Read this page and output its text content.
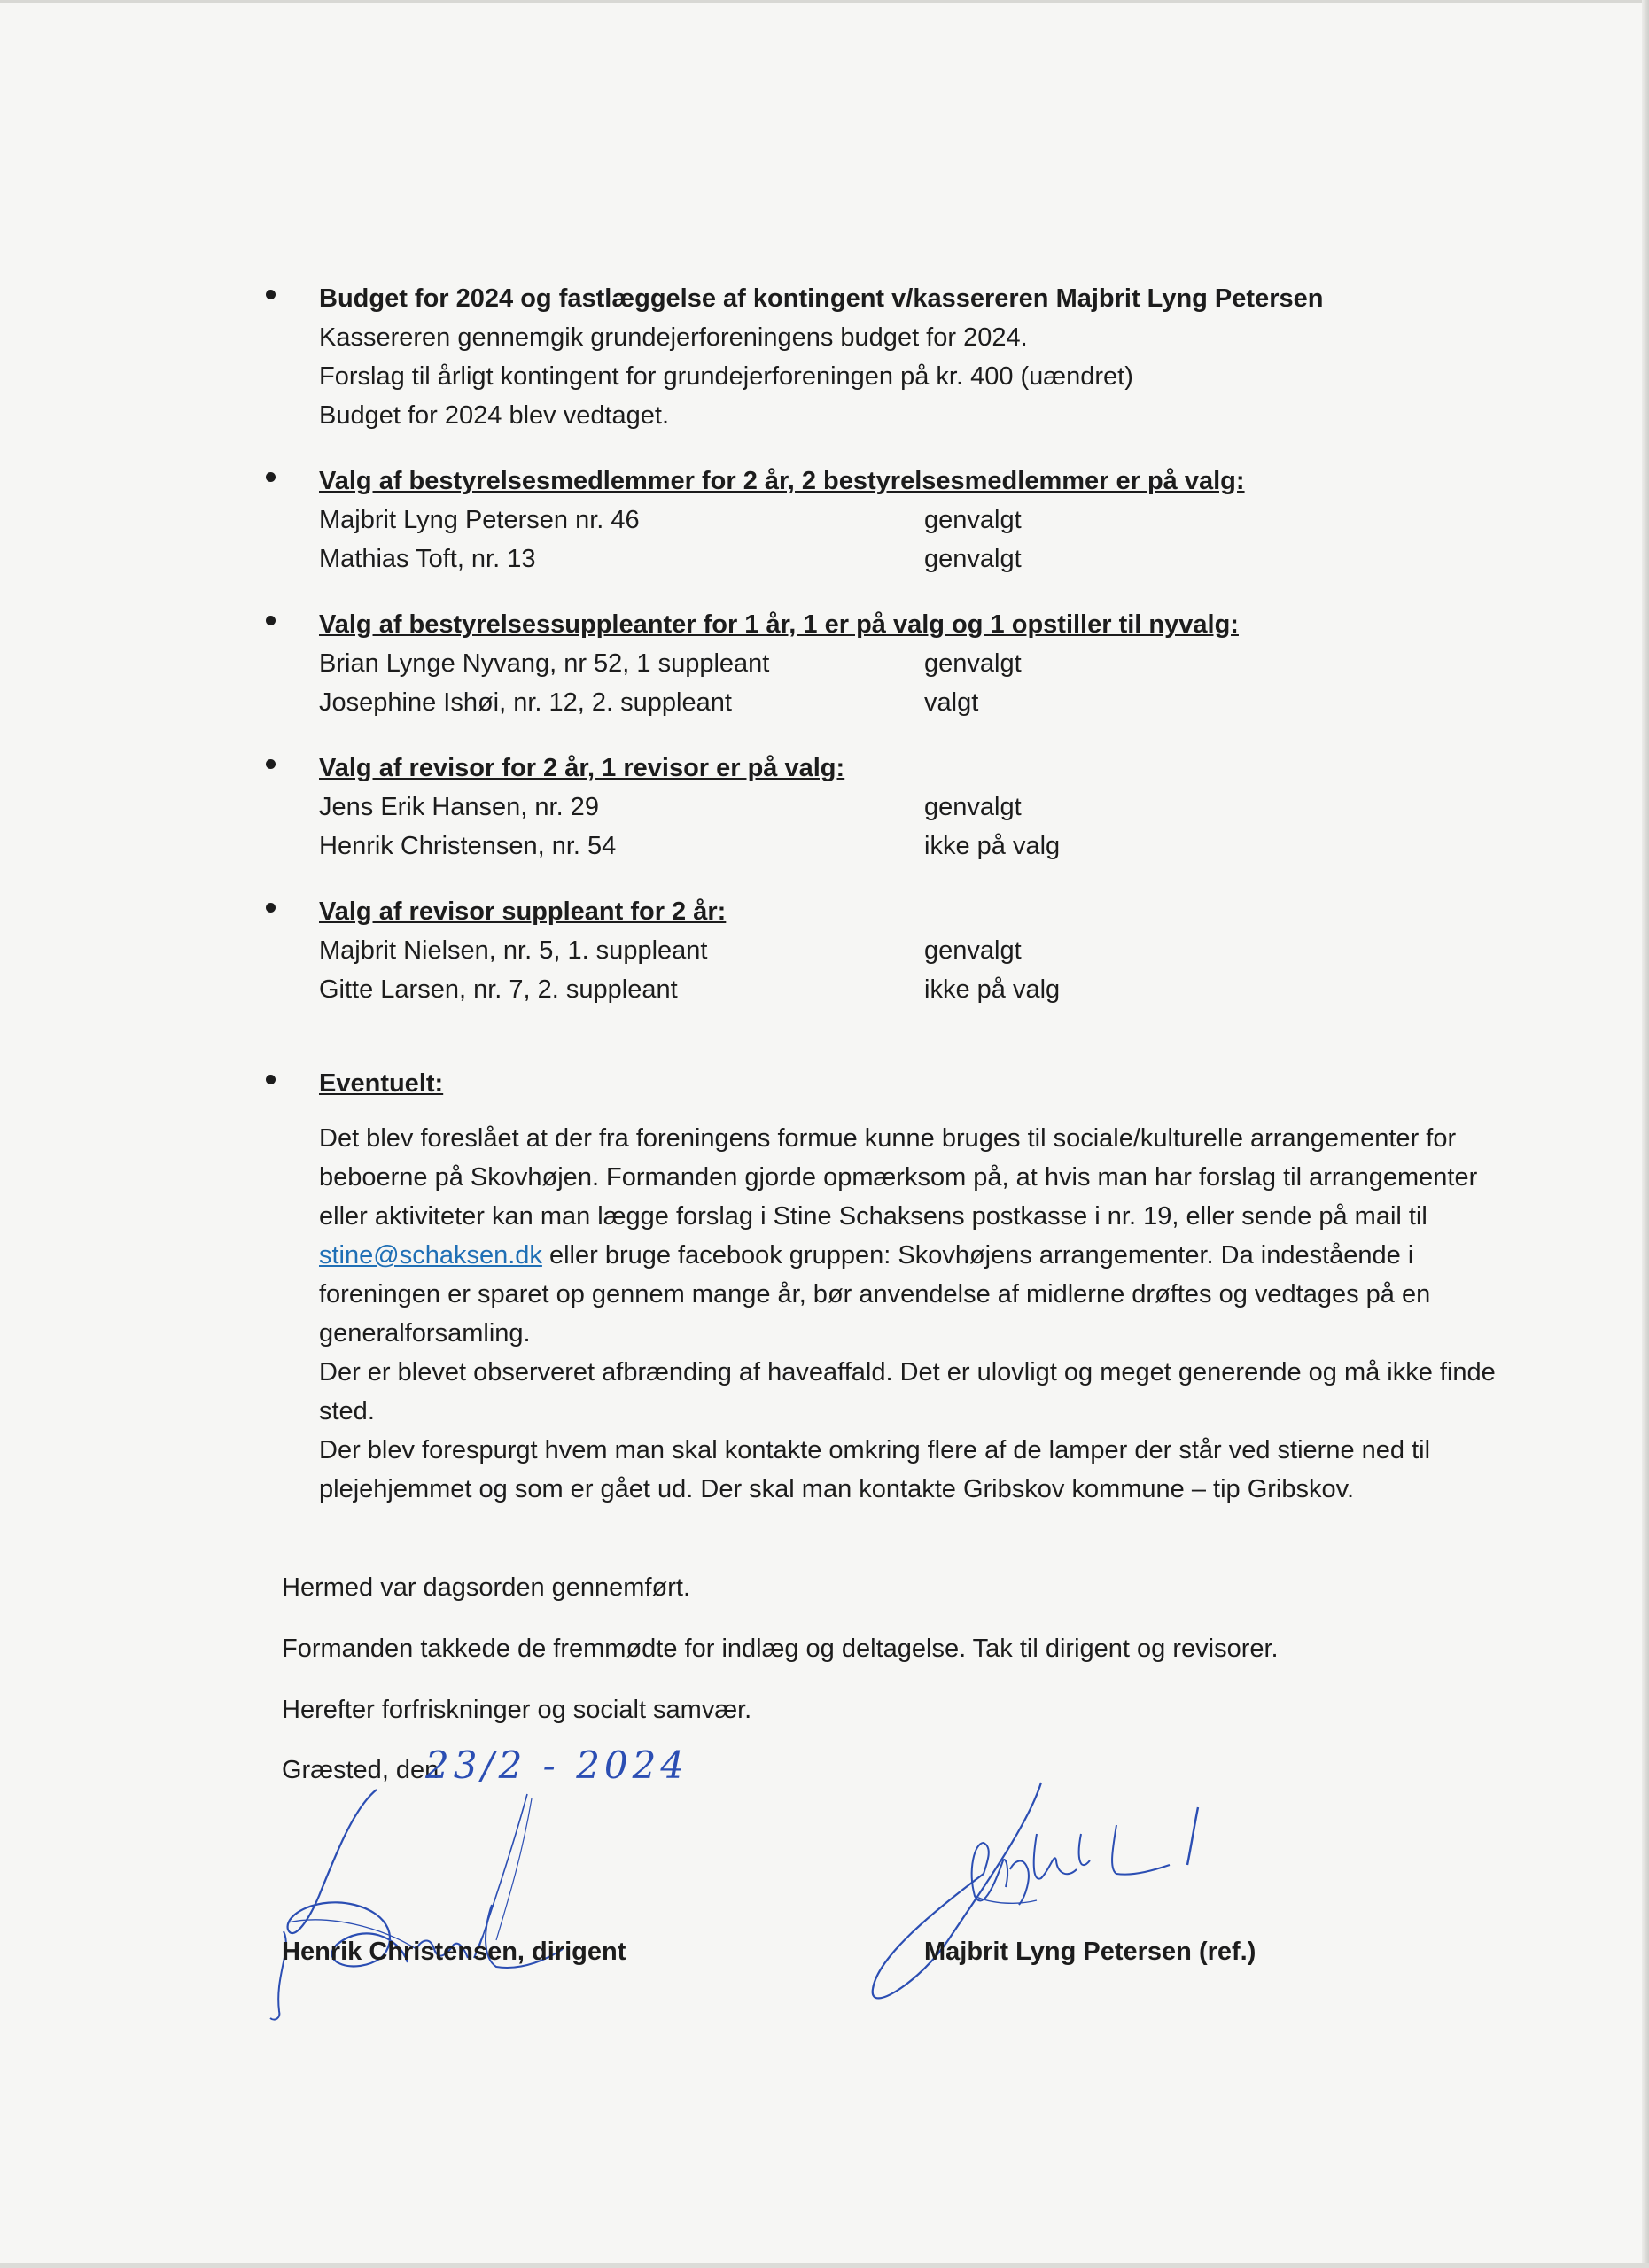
Budget for 2024 og fastlæggelse af kontingent v/kassereren Majbrit Lyng Petersen
Kassereren gennemgik grundejerforeningens budget for 2024.
Forslag til årligt kontingent for grundejerforeningen på kr. 400 (uændret)
Budget for 2024 blev vedtaget.
Valg af bestyrelsesmedlemmer for 2 år, 2 bestyrelsesmedlemmer er på valg:
Majbrit Lyng Petersen nr. 46	genvalgt
Mathias Toft, nr. 13	genvalgt
Valg af bestyrelsessuppleanter for 1 år, 1 er på valg og 1 opstiller til nyvalg:
Brian Lynge Nyvang, nr 52, 1 suppleant	genvalgt
Josephine Ishøi, nr. 12, 2. suppleant	valgt
Valg af revisor for 2 år, 1 revisor er på valg:
Jens Erik Hansen, nr. 29	genvalgt
Henrik Christensen, nr. 54	ikke på valg
Valg af revisor suppleant for 2 år:
Majbrit Nielsen, nr. 5, 1. suppleant	genvalgt
Gitte Larsen, nr. 7, 2. suppleant	ikke på valg
Eventuelt:
Det blev foreslået at der fra foreningens formue kunne bruges til sociale/kulturelle arrangementer for beboerne på Skovhøjen. Formanden gjorde opmærksom på, at hvis man har forslag til arrangementer eller aktiviteter kan man lægge forslag i Stine Schaksens postkasse i nr. 19, eller sende på mail til stine@schaksen.dk eller bruge facebook gruppen: Skovhøjens arrangementer. Da indestående i foreningen er sparet op gennem mange år, bør anvendelse af midlerne drøftes og vedtages på en generalforsamling.
Der er blevet observeret afbrænding af haveaffald. Det er ulovligt og meget generende og må ikke finde sted.
Der blev forespurgt hvem man skal kontakte omkring flere af de lamper der står ved stierne ned til plejehjemmet og som er gået ud. Der skal man kontakte Gribskov kommune – tip Gribskov.
Hermed var dagsorden gennemført.
Formanden takkede de fremmødte for indlæg og deltagelse. Tak til dirigent og revisorer.
Herefter forfriskninger og socialt samvær.
Græsted, den
23/2 - 2024
Henrik Christensen, dirigent	Majbrit Lyng Petersen (ref.)
